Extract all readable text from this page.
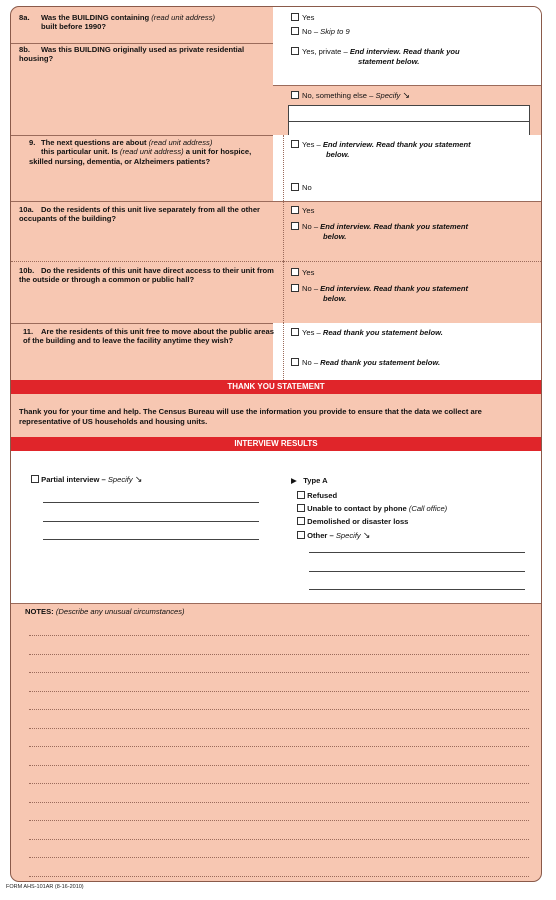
8a. Was the BUILDING containing (read unit address)
built before 1990?
Yes
No – Skip to 9
8b. Was this BUILDING originally used as private residential housing?
Yes, private – End interview. Read thank you
statement below.
No, something else – Specify ↘
9. The next questions are about (read unit address)
this particular unit. Is (read unit address) a unit for hospice, skilled nursing, dementia, or Alzheimers patients?
Yes – End interview. Read thank you statement
below.
No
10a. Do the residents of this unit live separately from all the other occupants of the building?
Yes
No – End interview. Read thank you statement
below.
10b. Do the residents of this unit have direct access to their unit from the outside or through a common or public hall?
Yes
No – End interview. Read thank you statement
below.
11. Are the residents of this unit free to move about the public areas of the building and to leave the facility anytime they wish?
Yes – Read thank you statement below.
No – Read thank you statement below.
THANK YOU STATEMENT
Thank you for your time and help. The Census Bureau will use the information you provide to ensure that the data we collect are representative of US households and housing units.
INTERVIEW RESULTS
Partial interview – Specify ↘	▶ Type A
Refused
Unable to contact by phone (Call office)
Demolished or disaster loss
Other – Specify ↘
NOTES: (Describe any unusual circumstances)
FORM AHS-101AR (8-16-2010)
